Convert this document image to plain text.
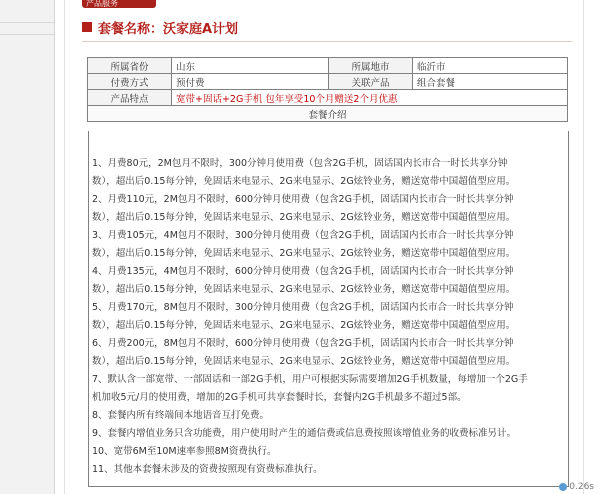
产品服务
套餐名称：沃家庭A计划
所属省份	山东	所属地市	临沂市
付费方式	预付费	关联产品	组合套餐
产品特点	宽带+固话+2G手机 包年享受10个月赠送2个月优惠		
套餐介绍			
1、月费80元，2M包月不限时，300分钟月使用费（包含2G手机，固话国内长市合一时长共享分钟
数），超出后0.15每分钟，免固话来电显示、2G来电显示、2G炫铃业务，赠送宽带中国超值型应用。
2、月费110元，2M包月不限时，600分钟月使用费（包含2G手机，固话国内长市合一时长共享分钟
数），超出后0.15每分钟，免固话来电显示、2G来电显示、2G炫铃业务，赠送宽带中国超值型应用。
3、月费105元，4M包月不限时，300分钟月使用费（包含2G手机，固话国内长市合一时长共享分钟
数），超出后0.15每分钟，免固话来电显示、2G来电显示、2G炫铃业务，赠送宽带中国超值型应用。
4、月费135元，4M包月不限时，600分钟月使用费（包含2G手机，固话国内长市合一时长共享分钟
数），超出后0.15每分钟，免固话来电显示、2G来电显示、2G炫铃业务，赠送宽带中国超值型应用。
5、月费170元，8M包月不限时，300分钟月使用费（包含2G手机，固话国内长市合一时长共享分钟
数），超出后0.15每分钟，免固话来电显示、2G来电显示、2G炫铃业务，赠送宽带中国超值型应用。
6、月费200元，8M包月不限时，600分钟月使用费（包含2G手机，固话国内长市合一时长共享分钟
数），超出后0.15每分钟，免固话来电显示、2G来电显示、2G炫铃业务，赠送宽带中国超值型应用。
7、默认含一部宽带、一部固话和一部2G手机，用户可根据实际需要增加2G手机数量，每增加一个2G手
机加收5元/月的使用费，增加的2G手机可共享套餐时长，套餐内2G手机最多不超过5部。
8、套餐内所有终端间本地语音互打免费。
9、套餐内增值业务只含功能费，用户使用时产生的通信费或信息费按照该增值业务的收费标准另计。
10、宽带6M至10M速率参照8M资费执行。
11、其他本套餐未涉及的资费按照现有资费标准执行。
0.26s
